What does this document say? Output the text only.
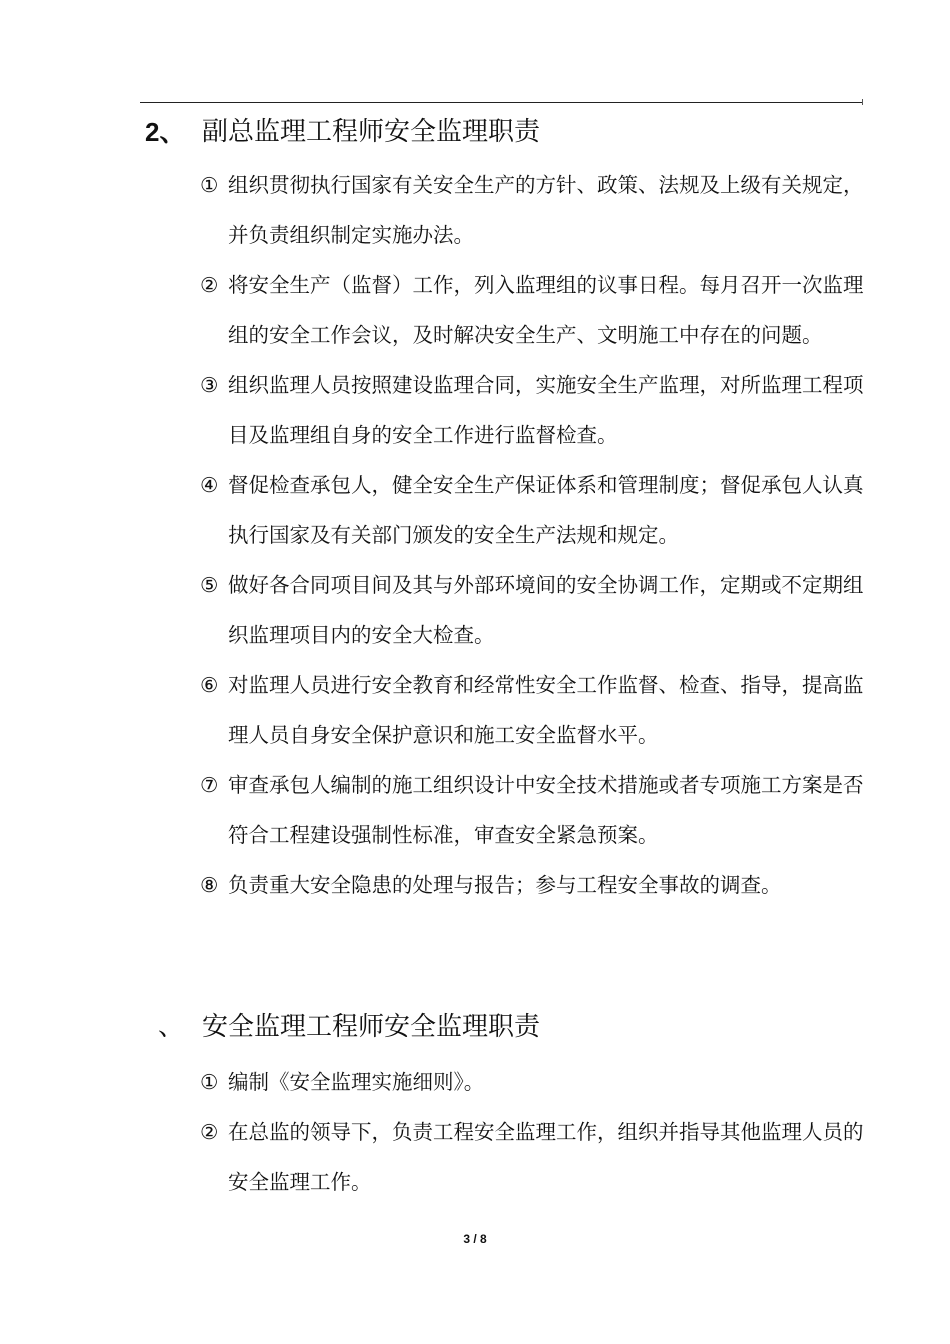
2、 副总监理工程师安全监理职责
① 组织贯彻执行国家有关安全生产的方针、政策、法规及上级有关规定，并负责组织制定实施办法。
② 将安全生产（监督）工作，列入监理组的议事日程。每月召开一次监理组的安全工作会议，及时解决安全生产、文明施工中存在的问题。
③ 组织监理人员按照建设监理合同，实施安全生产监理，对所监理工程项目及监理组自身的安全工作进行监督检查。
④ 督促检查承包人，健全安全生产保证体系和管理制度；督促承包人认真执行国家及有关部门颁发的安全生产法规和规定。
⑤ 做好各合同项目间及其与外部环境间的安全协调工作，定期或不定期组织监理项目内的安全大检查。
⑥ 对监理人员进行安全教育和经常性安全工作监督、检查、指导，提高监理人员自身安全保护意识和施工安全监督水平。
⑦ 审查承包人编制的施工组织设计中安全技术措施或者专项施工方案是否符合工程建设强制性标准，审查安全紧急预案。
⑧ 负责重大安全隐患的处理与报告；参与工程安全事故的调查。
、 安全监理工程师安全监理职责
① 编制《安全监理实施细则》。
② 在总监的领导下，负责工程安全监理工作，组织并指导其他监理人员的安全监理工作。
3 / 8
